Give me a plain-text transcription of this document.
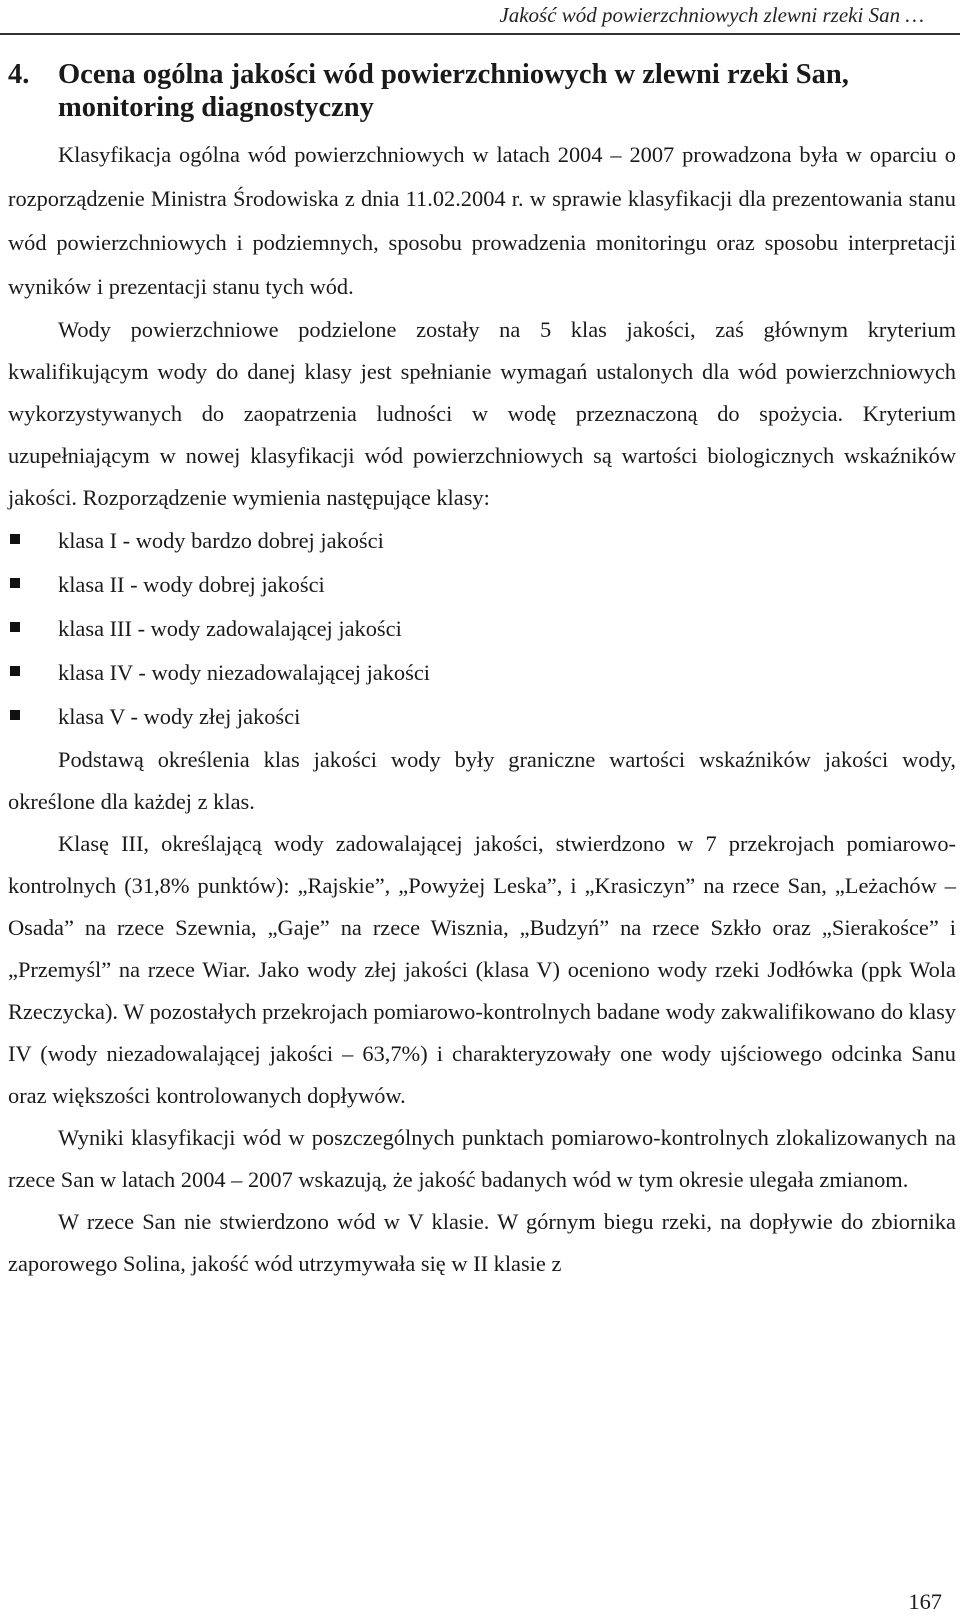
Jakość wód powierzchniowych zlewni rzeki San …
4.	Ocena ogólna jakości wód powierzchniowych w zlewni rzeki San, monitoring diagnostyczny

Klasyfikacja ogólna wód powierzchniowych w latach 2004 – 2007 prowadzona była w oparciu o rozporządzenie Ministra Środowiska z dnia 11.02.2004 r. w sprawie klasyfikacji dla prezentowania stanu wód powierzchniowych i podziemnych, sposobu prowadzenia monitoringu oraz sposobu interpretacji wyników i prezentacji stanu tych wód.

Wody powierzchniowe podzielone zostały na 5 klas jakości, zaś głównym kryterium kwalifikującym wody do danej klasy jest spełnianie wymagań ustalonych dla wód powierzchniowych wykorzystywanych do zaopatrzenia ludności w wodę przeznaczoną do spożycia. Kryterium uzupełniającym w nowej klasyfikacji wód powierzchniowych są wartości biologicznych wskaźników jakości. Rozporządzenie wymienia następujące klasy:

klasa I - wody bardzo dobrej jakości
klasa II - wody dobrej jakości
klasa III - wody zadowalającej jakości
klasa IV - wody niezadowalającej jakości
klasa V - wody złej jakości

Podstawą określenia klas jakości wody były graniczne wartości wskaźników jakości wody, określone dla każdej z klas.

Klasę III, określającą wody zadowalającej jakości, stwierdzono w 7 przekrojach pomiarowo-kontrolnych (31,8% punktów): „Rajskie”, „Powyżej Leska”, i „Krasiczyn” na rzece San, „Leżachów – Osada” na rzece Szewnia, „Gaje” na rzece Wisznia, „Budzyń” na rzece Szkło oraz „Sierakośce” i „Przemyśl” na rzece Wiar. Jako wody złej jakości (klasa V) oceniono wody rzeki Jodłówka (ppk Wola Rzeczycka). W pozostałych przekrojach pomiarowo-kontrolnych badane wody zakwalifikowano do klasy IV (wody niezadowalającej jakości – 63,7%) i charakteryzowały one wody ujściowego odcinka Sanu oraz większości kontrolowanych dopływów.

Wyniki klasyfikacji wód w poszczególnych punktach pomiarowo-kontrolnych zlokalizowanych na rzece San w latach 2004 – 2007 wskazują, że jakość badanych wód w tym okresie ulegała zmianom.

W rzece San nie stwierdzono wód w V klasie. W górnym biegu rzeki, na dopływie do zbiornika zaporowego Solina, jakość wód utrzymywała się w II klasie z

167
